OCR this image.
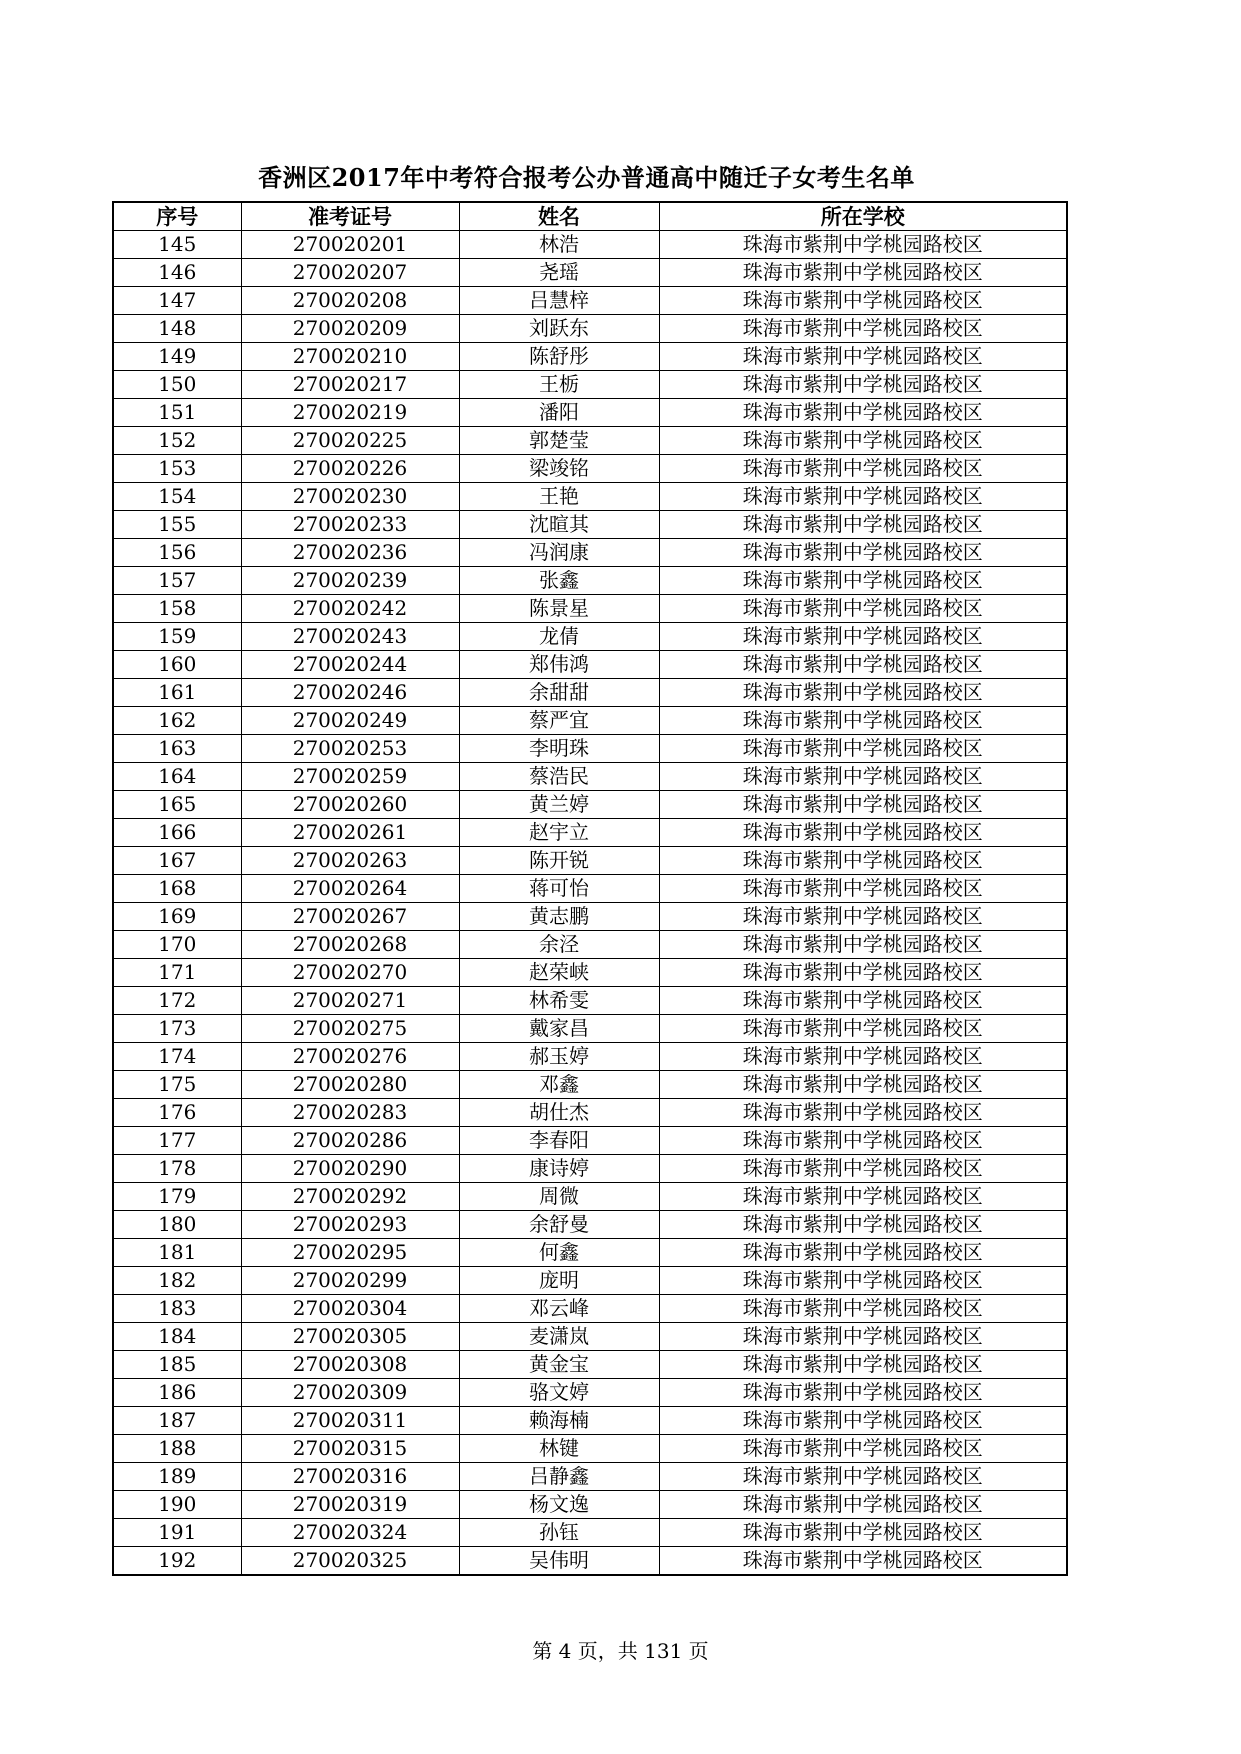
香洲区2017年中考符合报考公办普通高中随迁子女考生名单
序号	准考证号	姓名	所在学校
145	270020201	林浩	珠海市紫荆中学桃园路校区
146	270020207	尧瑶	珠海市紫荆中学桃园路校区
147	270020208	吕慧梓	珠海市紫荆中学桃园路校区
148	270020209	刘跃东	珠海市紫荆中学桃园路校区
149	270020210	陈舒彤	珠海市紫荆中学桃园路校区
150	270020217	王栃	珠海市紫荆中学桃园路校区
151	270020219	潘阳	珠海市紫荆中学桃园路校区
152	270020225	郭楚莹	珠海市紫荆中学桃园路校区
153	270020226	梁竣铭	珠海市紫荆中学桃园路校区
154	270020230	王艳	珠海市紫荆中学桃园路校区
155	270020233	沈暄其	珠海市紫荆中学桃园路校区
156	270020236	冯润康	珠海市紫荆中学桃园路校区
157	270020239	张鑫	珠海市紫荆中学桃园路校区
158	270020242	陈景星	珠海市紫荆中学桃园路校区
159	270020243	龙倩	珠海市紫荆中学桃园路校区
160	270020244	郑伟鸿	珠海市紫荆中学桃园路校区
161	270020246	余甜甜	珠海市紫荆中学桃园路校区
162	270020249	蔡严宜	珠海市紫荆中学桃园路校区
163	270020253	李明珠	珠海市紫荆中学桃园路校区
164	270020259	蔡浩民	珠海市紫荆中学桃园路校区
165	270020260	黄兰婷	珠海市紫荆中学桃园路校区
166	270020261	赵宇立	珠海市紫荆中学桃园路校区
167	270020263	陈开锐	珠海市紫荆中学桃园路校区
168	270020264	蒋可怡	珠海市紫荆中学桃园路校区
169	270020267	黄志鹏	珠海市紫荆中学桃园路校区
170	270020268	余泾	珠海市紫荆中学桃园路校区
171	270020270	赵荣峡	珠海市紫荆中学桃园路校区
172	270020271	林希雯	珠海市紫荆中学桃园路校区
173	270020275	戴家昌	珠海市紫荆中学桃园路校区
174	270020276	郝玉婷	珠海市紫荆中学桃园路校区
175	270020280	邓鑫	珠海市紫荆中学桃园路校区
176	270020283	胡仕杰	珠海市紫荆中学桃园路校区
177	270020286	李春阳	珠海市紫荆中学桃园路校区
178	270020290	康诗婷	珠海市紫荆中学桃园路校区
179	270020292	周微	珠海市紫荆中学桃园路校区
180	270020293	余舒曼	珠海市紫荆中学桃园路校区
181	270020295	何鑫	珠海市紫荆中学桃园路校区
182	270020299	庞明	珠海市紫荆中学桃园路校区
183	270020304	邓云峰	珠海市紫荆中学桃园路校区
184	270020305	麦潇岚	珠海市紫荆中学桃园路校区
185	270020308	黄金宝	珠海市紫荆中学桃园路校区
186	270020309	骆文婷	珠海市紫荆中学桃园路校区
187	270020311	赖海楠	珠海市紫荆中学桃园路校区
188	270020315	林键	珠海市紫荆中学桃园路校区
189	270020316	吕静鑫	珠海市紫荆中学桃园路校区
190	270020319	杨文逸	珠海市紫荆中学桃园路校区
191	270020324	孙钰	珠海市紫荆中学桃园路校区
192	270020325	吴伟明	珠海市紫荆中学桃园路校区
第 4 页，共 131 页
